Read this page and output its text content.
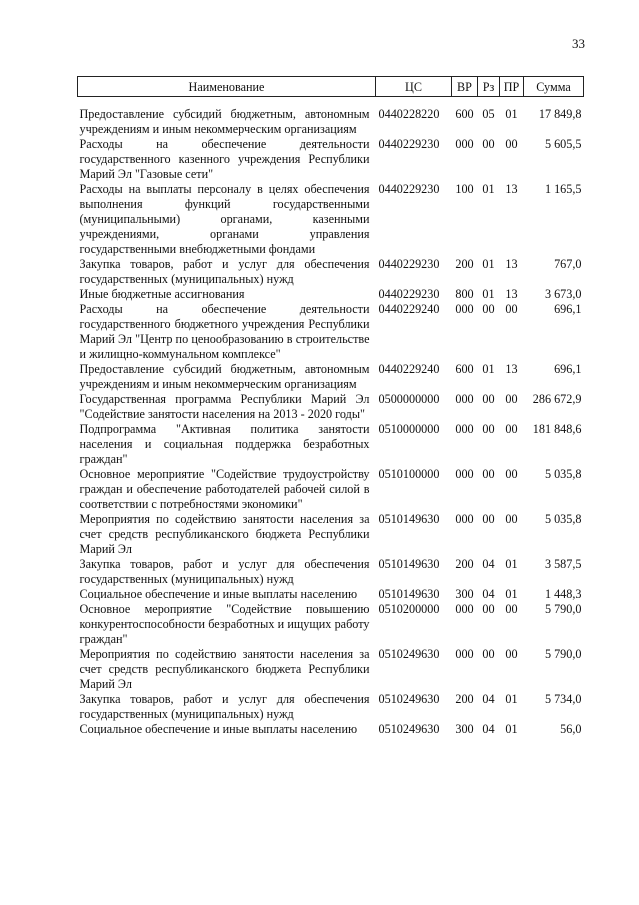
33
Наименование	ЦС	ВР	Рз	ПР	Сумма
Предоставление субсидий бюджетным, автономным учреждениям и иным некоммерческим организациям	0440228220	600	05	01	17 849,8
Расходы на обеспечение деятельности государственного казенного учреждения Республики Марий Эл "Газовые сети"	0440229230	000	00	00	5 605,5
Расходы на выплаты персоналу в целях обеспечения выполнения функций государственными (муниципальными) органами, казенными учреждениями, органами управления государственными внебюджетными фондами	0440229230	100	01	13	1 165,5
Закупка товаров, работ и услуг для обеспечения государственных (муниципальных) нужд	0440229230	200	01	13	767,0
Иные бюджетные ассигнования	0440229230	800	01	13	3 673,0
Расходы на обеспечение деятельности государственного бюджетного учреждения Республики Марий Эл "Центр по ценообразованию в строительстве и жилищно-коммунальном комплексе"	0440229240	000	00	00	696,1
Предоставление субсидий бюджетным, автономным учреждениям и иным некоммерческим организациям	0440229240	600	01	13	696,1
Государственная программа Республики Марий Эл "Содействие занятости населения на 2013 - 2020 годы"	0500000000	000	00	00	286 672,9
Подпрограмма "Активная политика занятости населения и социальная поддержка безработных граждан"	0510000000	000	00	00	181 848,6
Основное мероприятие "Содействие трудоустройству граждан и обеспечение работодателей рабочей силой в соответствии с потребностями экономики"	0510100000	000	00	00	5 035,8
Мероприятия по содействию занятости населения за счет средств республиканского бюджета Республики Марий Эл	0510149630	000	00	00	5 035,8
Закупка товаров, работ и услуг для обеспечения государственных (муниципальных) нужд	0510149630	200	04	01	3 587,5
Социальное обеспечение и иные выплаты населению	0510149630	300	04	01	1 448,3
Основное мероприятие "Содействие повышению конкурентоспособности безработных и ищущих работу граждан"	0510200000	000	00	00	5 790,0
Мероприятия по содействию занятости населения за счет средств республиканского бюджета Республики Марий Эл	0510249630	000	00	00	5 790,0
Закупка товаров, работ и услуг для обеспечения государственных (муниципальных) нужд	0510249630	200	04	01	5 734,0
Социальное обеспечение и иные выплаты населению	0510249630	300	04	01	56,0
